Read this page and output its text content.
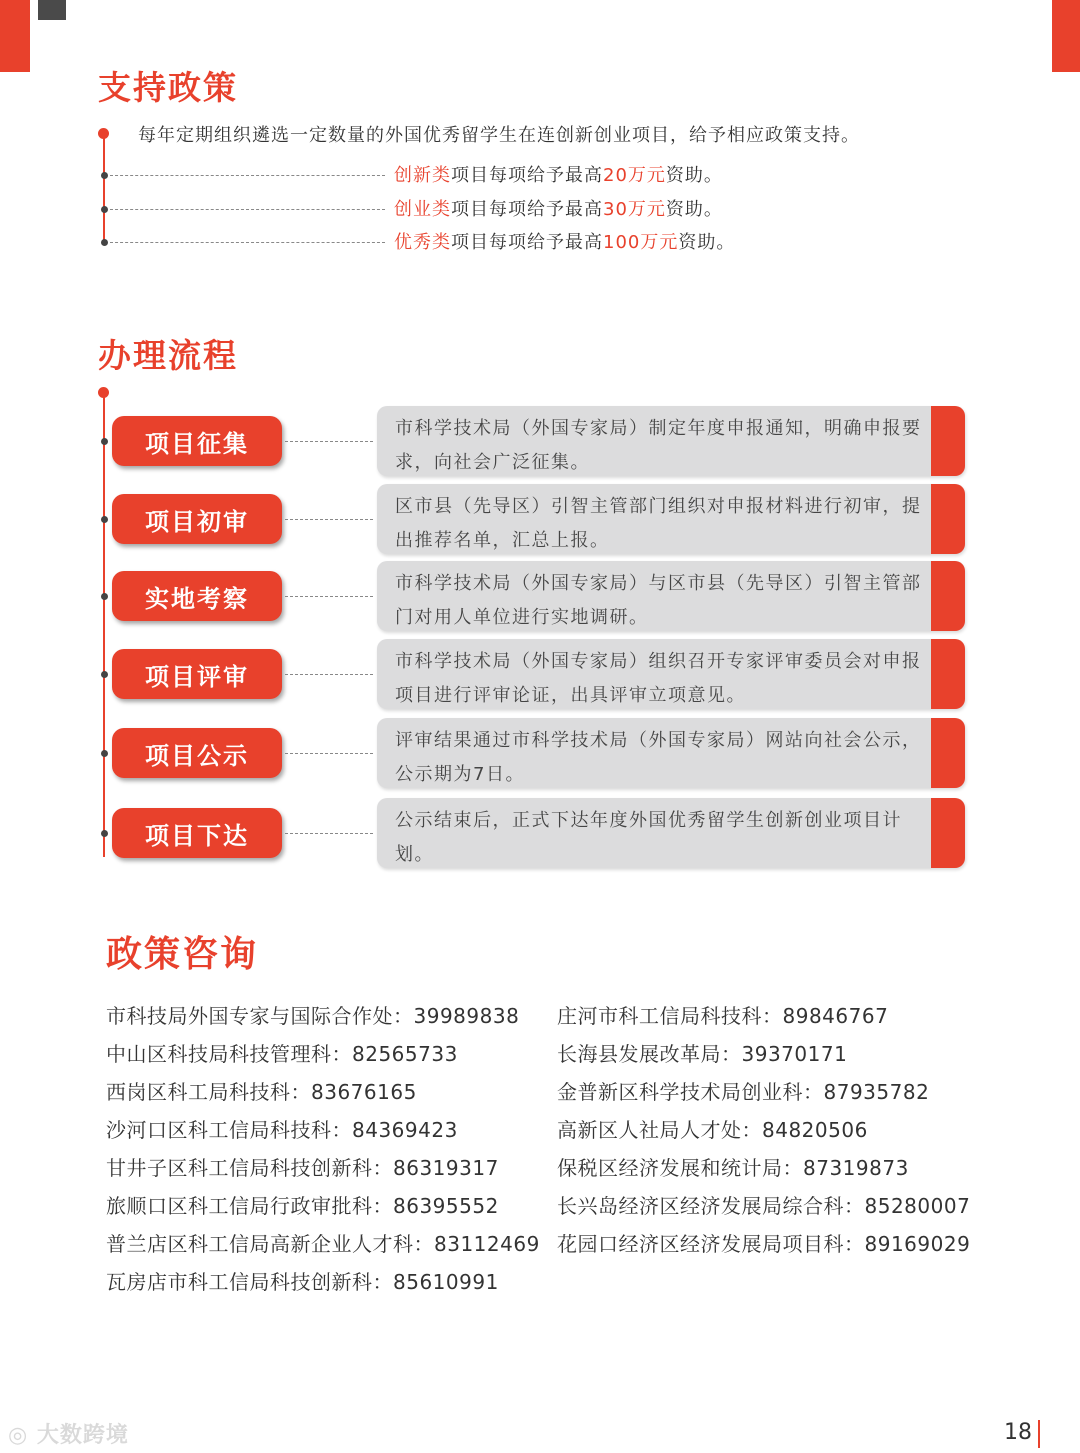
支持政策
每年定期组织遴选一定数量的外国优秀留学生在连创新创业项目，给予相应政策支持。
创新类项目每项给予最高20万元资助。
创业类项目每项给予最高30万元资助。
优秀类项目每项给予最高100万元资助。
办理流程
项目征集
市科学技术局（外国专家局）制定年度申报通知，明确申报要求，向社会广泛征集。
项目初审
区市县（先导区）引智主管部门组织对申报材料进行初审，提出推荐名单，汇总上报。
实地考察
市科学技术局（外国专家局）与区市县（先导区）引智主管部门对用人单位进行实地调研。
项目评审
市科学技术局（外国专家局）组织召开专家评审委员会对申报项目进行评审论证，出具评审立项意见。
项目公示
评审结果通过市科学技术局（外国专家局）网站向社会公示，公示期为7日。
项目下达
公示结束后，正式下达年度外国优秀留学生创新创业项目计划。
政策咨询
市科技局外国专家与国际合作处：39989838
中山区科技局科技管理科：82565733
西岗区科工局科技科：83676165
沙河口区科工信局科技科：84369423
甘井子区科工信局科技创新科：86319317
旅顺口区科工信局行政审批科：86395552
普兰店区科工信局高新企业人才科：83112469
瓦房店市科工信局科技创新科：85610991
庄河市科工信局科技科：89846767
长海县发展改革局：39370171
金普新区科学技术局创业科：87935782
高新区人社局人才处：84820506
保税区经济发展和统计局：87319873
长兴岛经济区经济发展局综合科：85280007
花园口经济区经济发展局项目科：89169029
◎ 大数跨境	18
